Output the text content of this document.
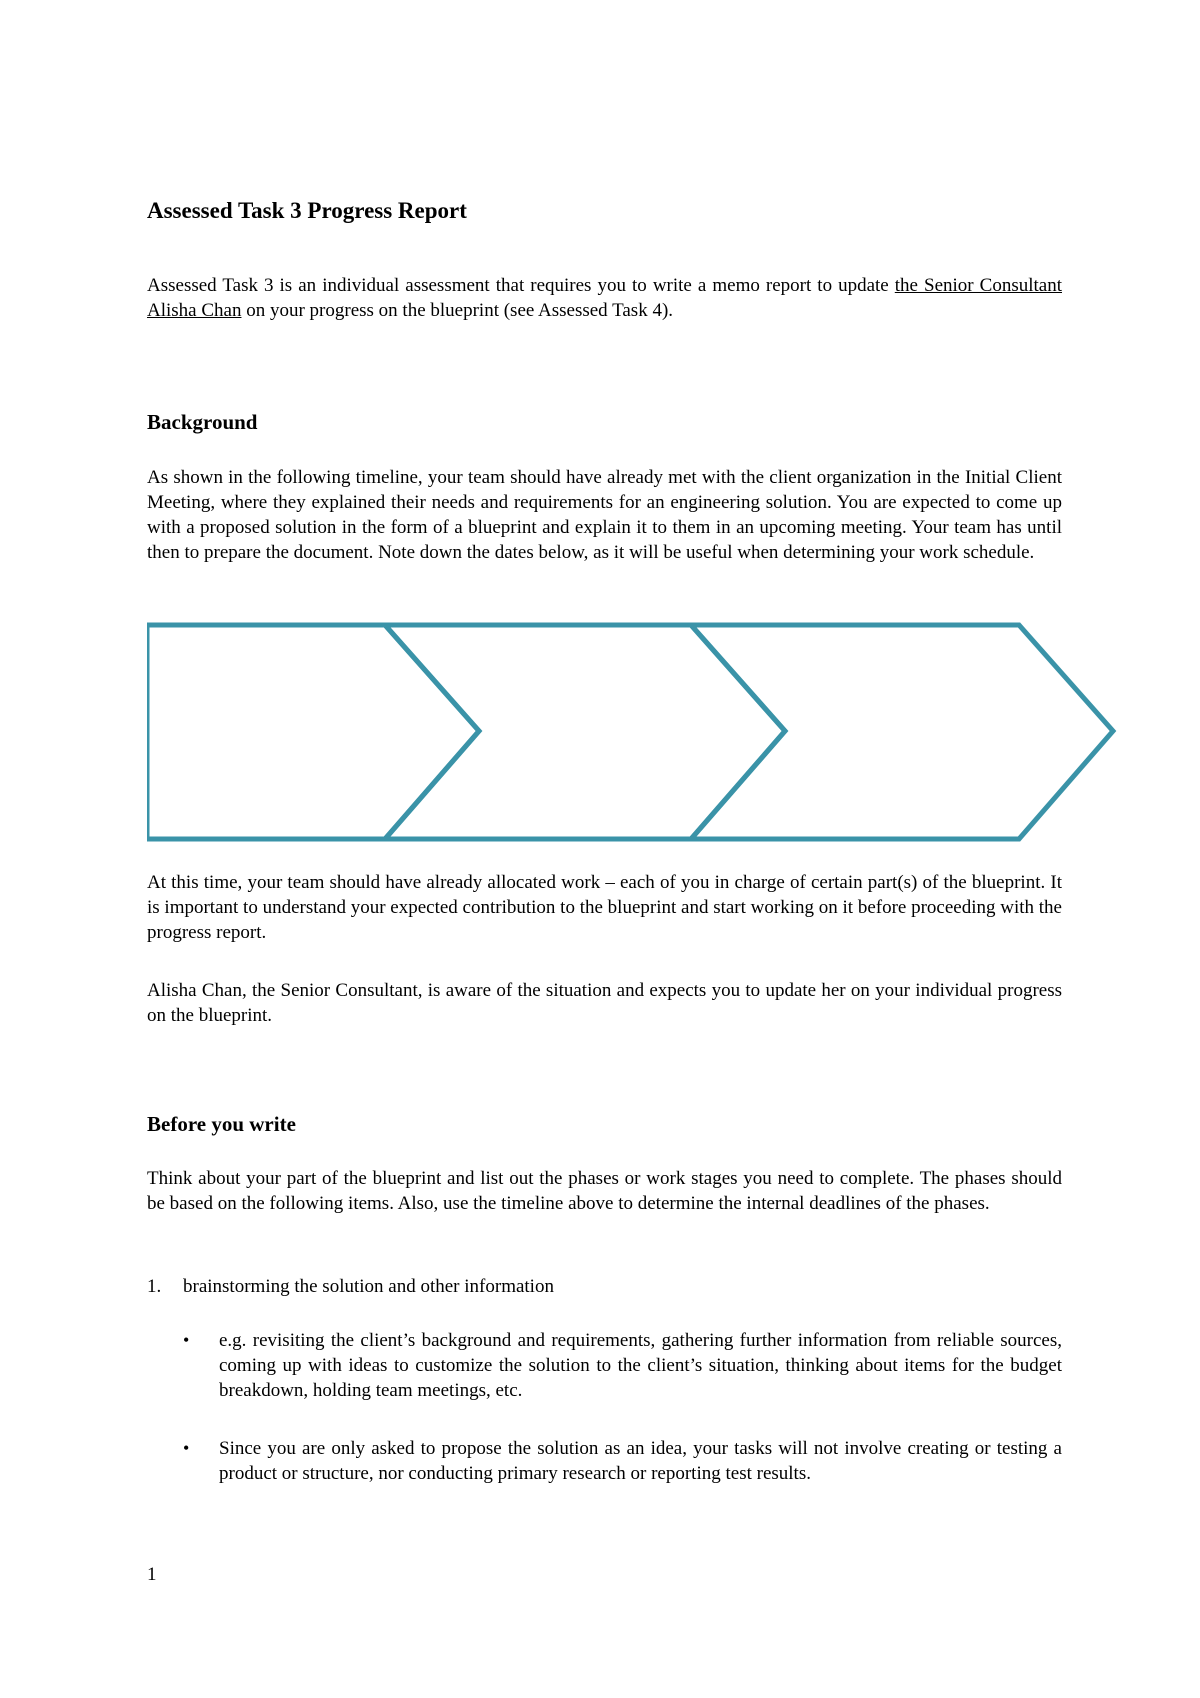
Assessed Task 3 Progress Report

Assessed Task 3 is an individual assessment that requires you to write a memo report to update the Senior Consultant Alisha Chan on your progress on the blueprint (see Assessed Task 4).

Background

As shown in the following timeline, your team should have already met with the client organization in the Initial Client Meeting, where they explained their needs and requirements for an engineering solution. You are expected to come up with a proposed solution in the form of a blueprint and explain it to them in an upcoming meeting. Your team has until then to prepare the document. Note down the dates below, as it will be useful when determining your work schedule.

At this time, your team should have already allocated work – each of you in charge of certain part(s) of the blueprint. It is important to understand your expected contribution to the blueprint and start working on it before proceeding with the progress report.

Alisha Chan, the Senior Consultant, is aware of the situation and expects you to update her on your individual progress on the blueprint.

Before you write

Think about your part of the blueprint and list out the phases or work stages you need to complete. The phases should be based on the following items. Also, use the timeline above to determine the internal deadlines of the phases.

1. brainstorming the solution and other information

• e.g. revisiting the client’s background and requirements, gathering further information from reliable sources, coming up with ideas to customize the solution to the client’s situation, thinking about items for the budget breakdown, holding team meetings, etc.
• Since you are only asked to propose the solution as an idea, your tasks will not involve creating or testing a product or structure, nor conducting primary research or reporting test results.

1
